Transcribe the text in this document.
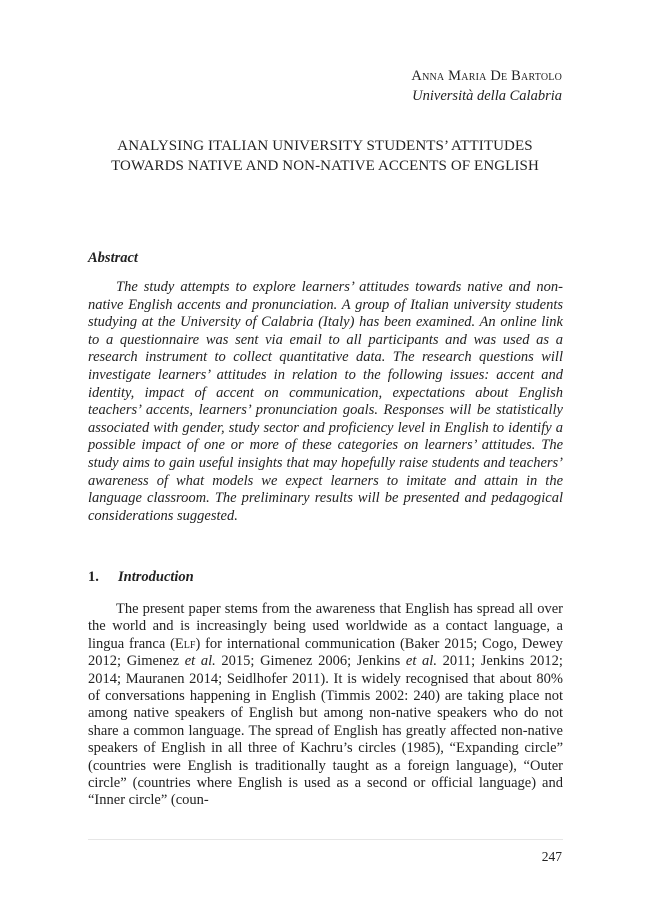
Anna Maria De Bartolo
Università della Calabria
ANALYSING ITALIAN UNIVERSITY STUDENTS’ ATTITUDES
TOWARDS NATIVE AND NON-NATIVE ACCENTS OF ENGLISH
Abstract

The study attempts to explore learners’ attitudes towards native and non-native English accents and pronunciation. A group of Italian university students studying at the University of Calabria (Italy) has been examined. An online link to a questionnaire was sent via email to all participants and was used as a research instrument to collect quantitative data. The research questions will investigate learners’ attitudes in relation to the following issues: accent and identity, impact of accent on communication, expectations about English teachers’ accents, learners’ pronunciation goals. Responses will be statistically associated with gender, study sector and proficiency level in English to identify a possible impact of one or more of these categories on learners’ attitudes. The study aims to gain useful insights that may hopefully raise students and teachers’ awareness of what models we expect learners to imitate and attain in the language classroom. The preliminary results will be presented and pedagogical considerations suggested.

1. Introduction

The present paper stems from the awareness that English has spread all over the world and is increasingly being used worldwide as a contact language, a lingua franca (Elf) for international communication (Baker 2015; Cogo, Dewey 2012; Gimenez et al. 2015; Gimenez 2006; Jenkins et al. 2011; Jenkins 2012; 2014; Mauranen 2014; Seidlhofer 2011). It is widely recognised that about 80% of conversations happening in English (Timmis 2002: 240) are taking place not among native speakers of English but among non-native speakers who do not share a common language. The spread of English has greatly affected non-native speakers of English in all three of Kachru’s circles (1985), “Expanding circle” (countries were English is traditionally taught as a foreign language), “Outer circle” (countries where English is used as a second or official language) and “Inner circle” (coun-

247
